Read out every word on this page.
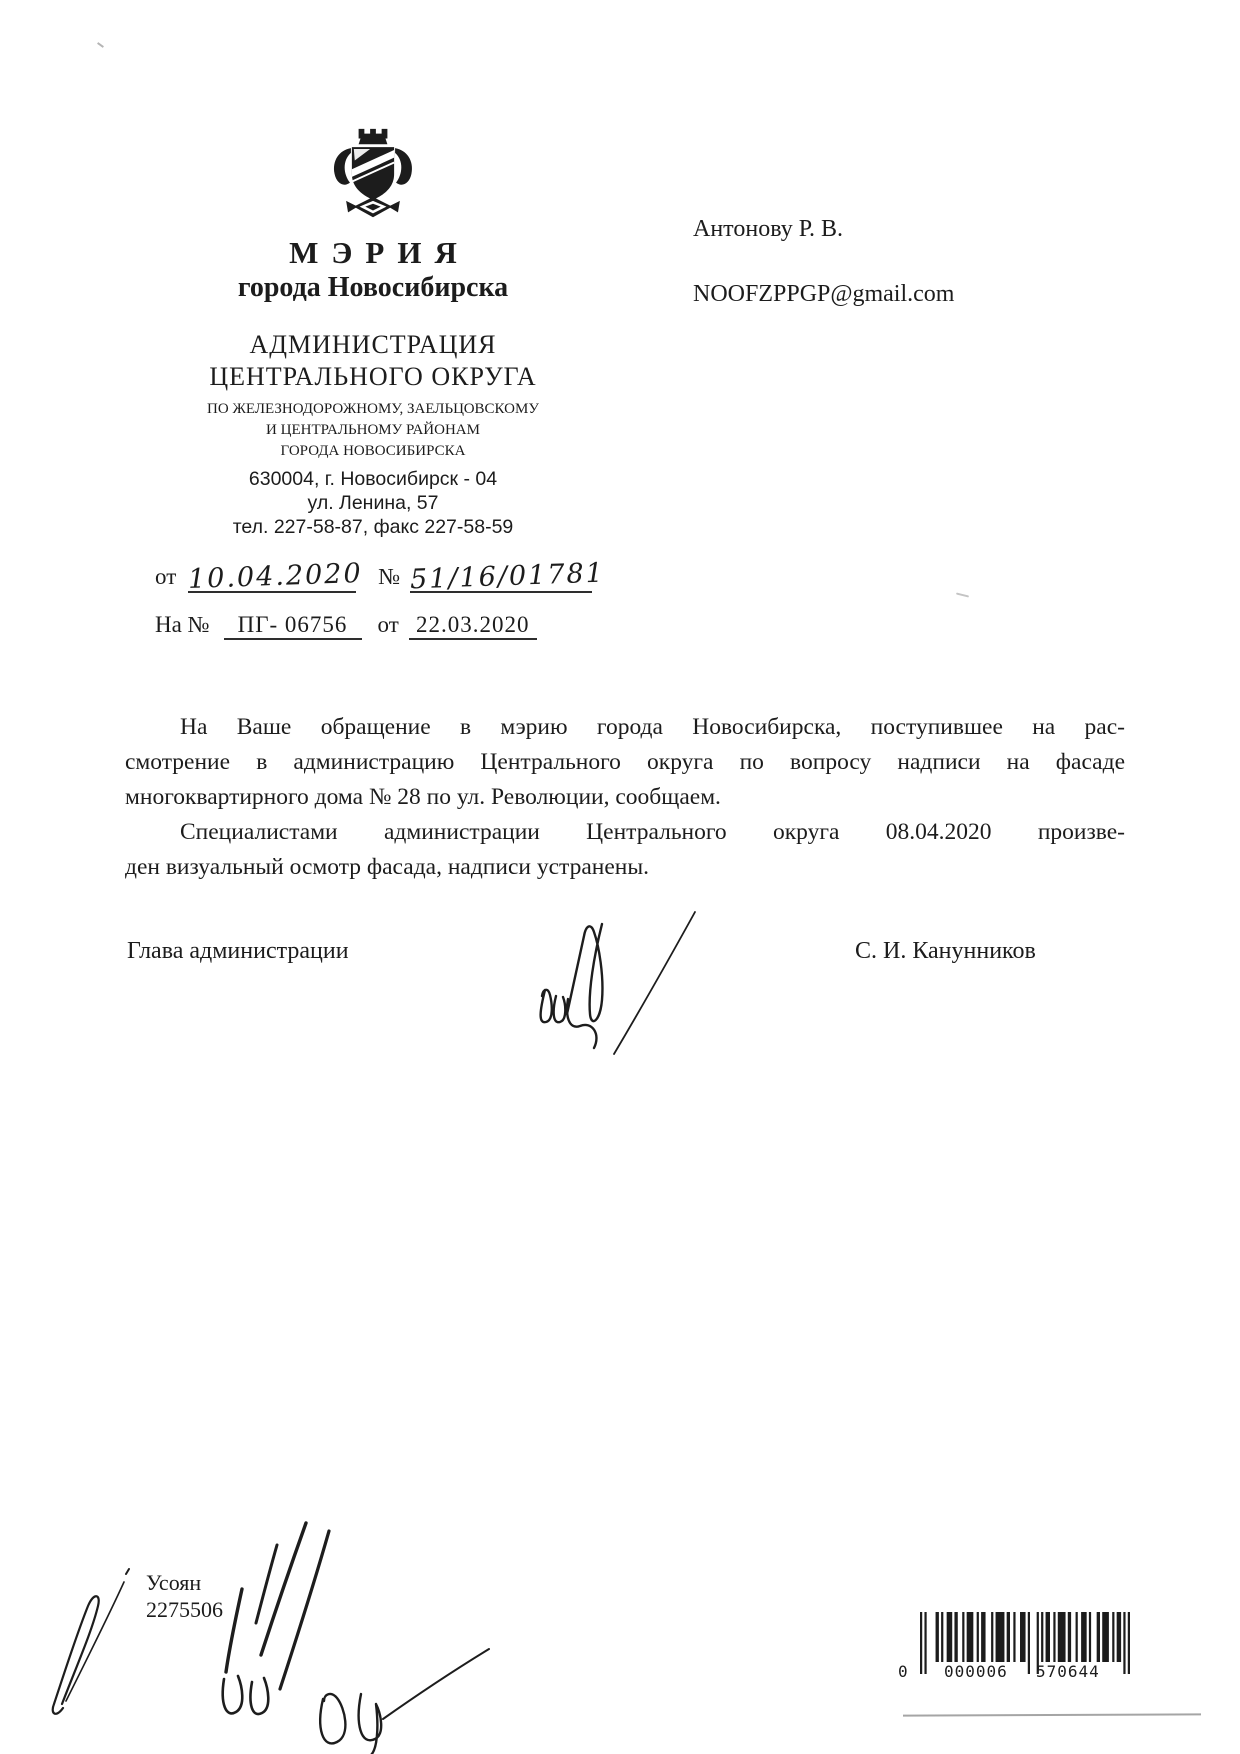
МЭРИЯ
города Новосибирска
АДМИНИСТРАЦИЯ
ЦЕНТРАЛЬНОГО ОКРУГА
ПО ЖЕЛЕЗНОДОРОЖНОМУ, ЗАЕЛЬЦОВСКОМУ
И ЦЕНТРАЛЬНОМУ РАЙОНАМ
ГОРОДА НОВОСИБИРСКА
630004, г. Новосибирск - 04
ул. Ленина, 57
тел. 227-58-87, факс 227-58-59
от 10.04.2020 № 51/16/01781
На № ПГ- 06756 от 22.03.2020
Антонову Р. В.
NOOFZPPGP@gmail.com
На Ваше обращение в мэрию города Новосибирска, поступившее на рас-
смотрение в администрацию Центрального округа по вопросу надписи на фасаде
многоквартирного дома № 28 по ул. Революции, сообщаем.
Специалистами администрации Центрального округа 08.04.2020 произве-
ден визуальный осмотр фасада, надписи устранены.
Глава администрации	С. И. Канунников
Усоян
2275506
0 000006 570644
